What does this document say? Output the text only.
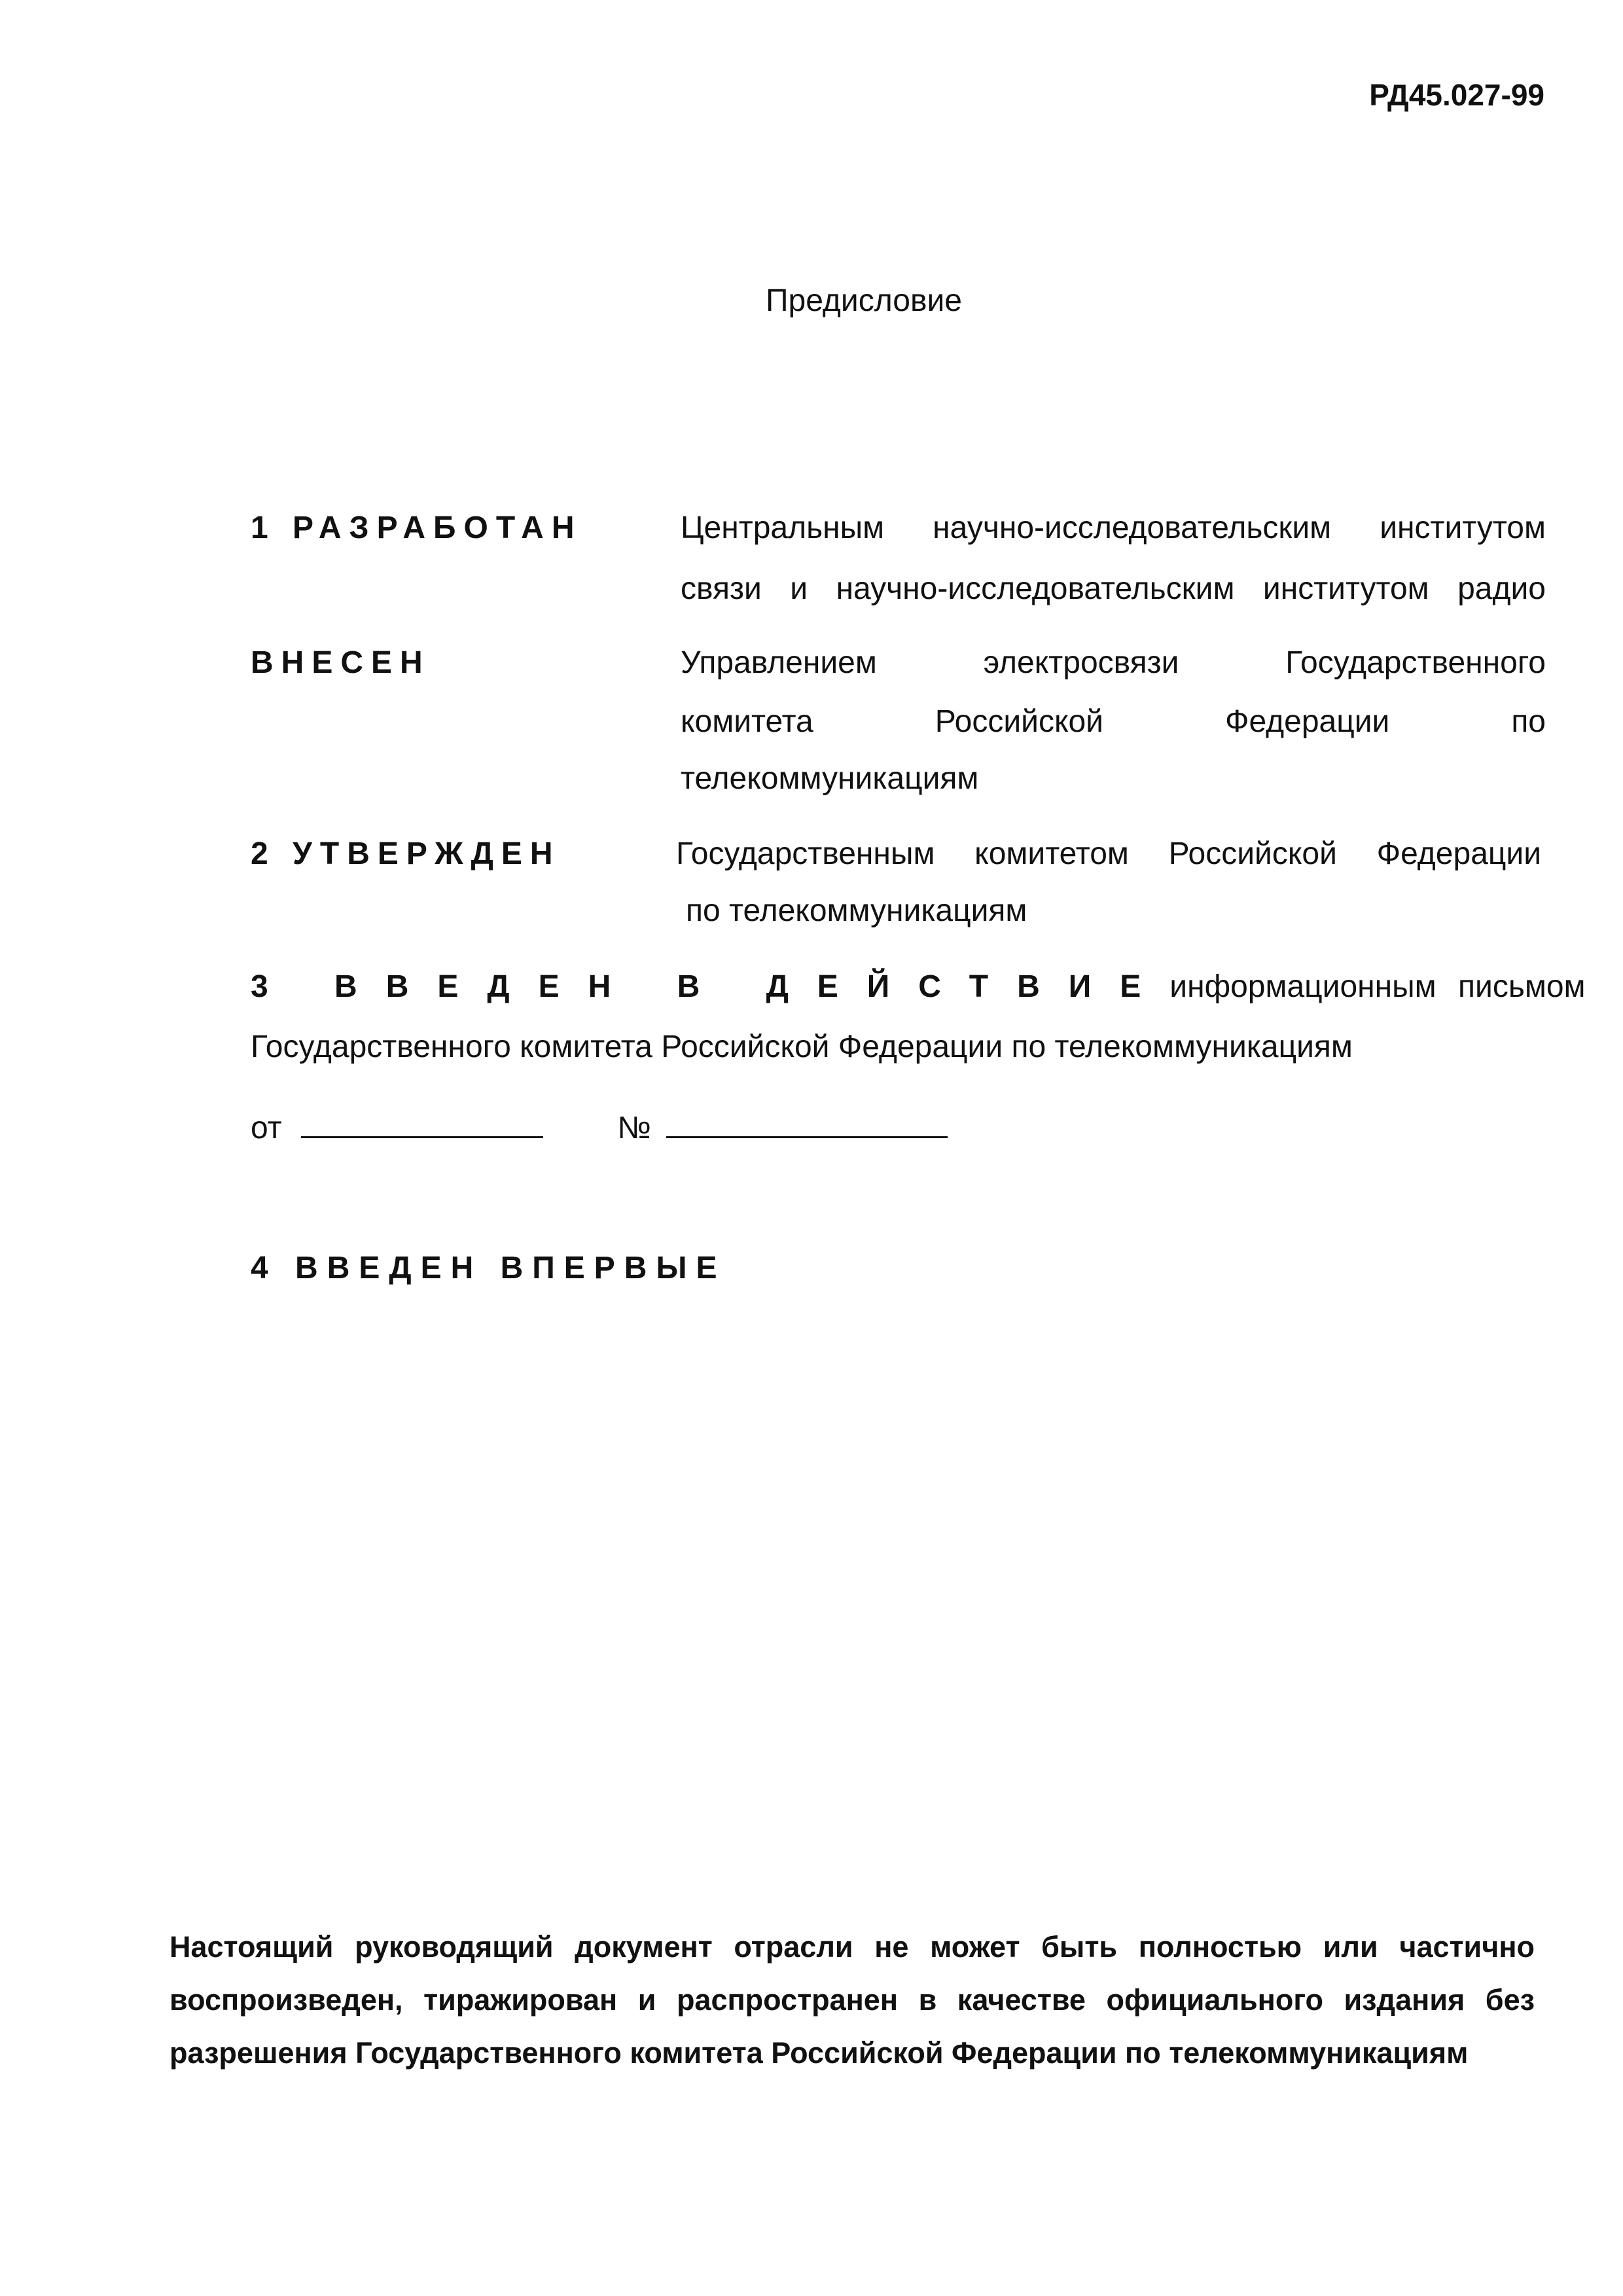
РД45.027-99
Предисловие
1 РАЗРАБОТАН	Центральным научно-исследовательским институтом
связи и научно-исследовательским институтом радио
ВНЕСЕН	Управлением электросвязи Государственного
комитета Российской Федерации по
телекоммуникациям
2 УТВЕРЖДЕН	Государственным комитетом Российской Федерации
по телекоммуникациям
3 ВВЕДЕН В ДЕЙСТВИЕ информационным письмом
Государственного комитета Российской Федерации по телекоммуникациям
от	№
4 ВВЕДЕН ВПЕРВЫЕ
Настоящий руководящий документ отрасли не может быть полностью или частично
воспроизведен, тиражирован и распространен в качестве официального издания без
разрешения Государственного комитета Российской Федерации по телекоммуникациям
